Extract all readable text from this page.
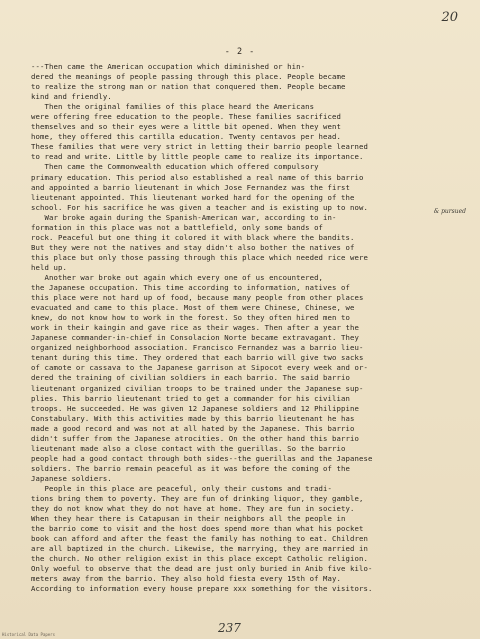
20
- 2 -
& pursued
---Then came the American occupation which diminished or hin-
dered the meanings of people passing through this place. People became
to realize the strong man or nation that conquered them. People became
kind and friendly.
Then the original families of this place heard the Americans
were offering free education to the people. These families sacrificed
themselves and so their eyes were a little bit opened. When they went
home, they offered this cartilla education. Twenty centavos per head.
These families that were very strict in letting their barrio people learned
to read and write. Little by little people came to realize its importance.
Then came the Commonwealth education which offered compulsory
primary education. This period also established a real name of this barrio
and appointed a barrio lieutenant in which Jose Fernandez was the first
lieutenant appointed. This lieutenant worked hard for the opening of the
school. For his sacrifice he was given a teacher and is existing up to now.
War broke again during the Spanish-American war, according to in-
formation in this place was not a battlefield, only some bands of
rock. Peaceful but one thing it colored it with black where the bandits.
But they were not the natives and stay didn't also bother the natives of
this place but only those passing through this place which needed rice were
held up.
Another war broke out again which every one of us encountered,
the Japanese occupation. This time according to information, natives of
this place were not hard up of food, because many people from other places
evacuated and came to this place. Most of them were Chinese, Chinese, we
knew, do not know how to work in the forest. So they often hired men to
work in their kaingin and gave rice as their wages. Then after a year the
Japanese commander-in-chief in Consolacion Norte became extravagant. They
organized neighborhood association. Francisco Fernandez was a barrio lieu-
tenant during this time. They ordered that each barrio will give two sacks
of camote or cassava to the Japanese garrison at Sipocot every week and or-
dered the training of civilian soldiers in each barrio. The said barrio
lieutenant organized civilian troops to be trained under the Japanese sup-
plies. This barrio lieutenant tried to get a commander for his civilian
troops. He succeeded. He was given 12 Japanese soldiers and 12 Philippine
Constabulary. With this activities made by this barrio lieutenant he has
made a good record and was not at all hated by the Japanese. This barrio
didn't suffer from the Japanese atrocities. On the other hand this barrio
lieutenant made also a close contact with the guerillas. So the barrio
people had a good contact through both sides--the guerillas and the Japanese
soldiers. The barrio remain peaceful as it was before the coming of the
Japanese soldiers.
People in this place are peaceful, only their customs and tradi-
tions bring them to poverty. They are fun of drinking liquor, they gamble,
they do not know what they do not have at home. They are fun in society.
When they hear there is Catapusan in their neighbors all the people in
the barrio come to visit and the host does spend more than what his pocket
book can afford and after the feast the family has nothing to eat. Children
are all baptized in the church. Likewise, the marrying, they are married in
the church. No other religion exist in this place except Catholic religion.
Only woeful to observe that the dead are just only buried in Anib five kilo-
meters away from the barrio. They also hold fiesta every 15th of May.
According to information every house prepare xxx something for the visitors.
237
Historical Data Papers
